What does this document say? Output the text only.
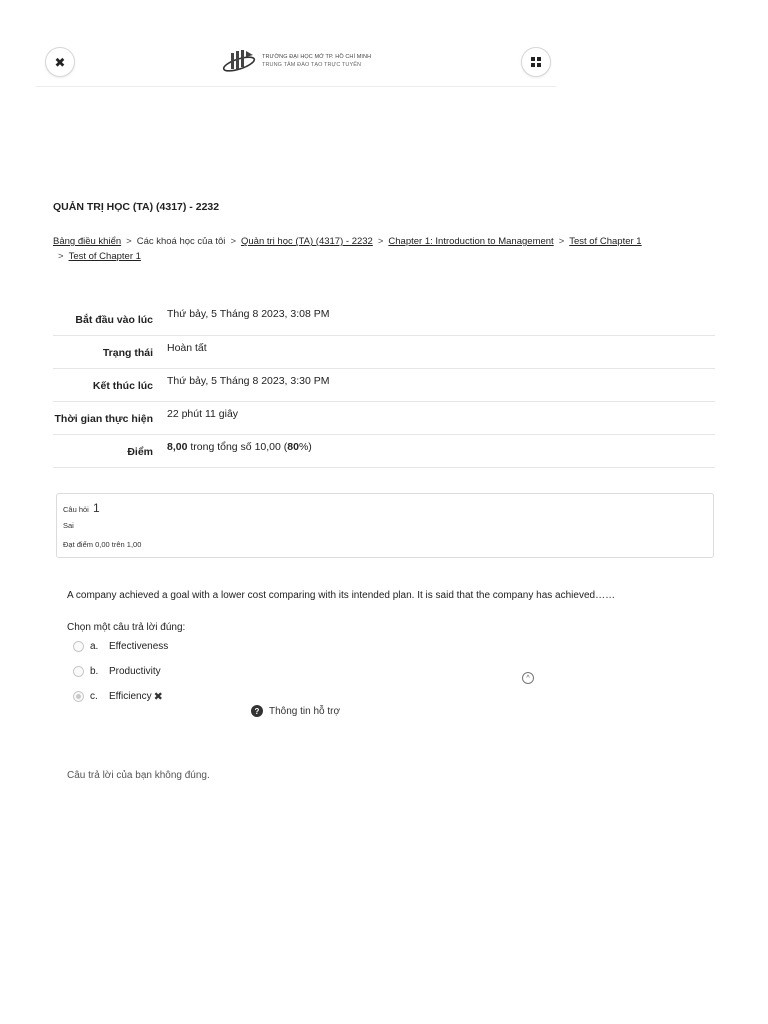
✖	TRƯỜNG ĐẠI HỌC MỞ TP. HỒ CHÍ MINH
TRUNG TÂM ĐÀO TẠO TRỰC TUYẾN
QUẢN TRỊ HỌC (TA) (4317) - 2232
Bảng điều khiển > Các khoá học của tôi > Quản trị học (TA) (4317) - 2232 > Chapter 1: Introduction to Management > Test of Chapter 1
> Test of Chapter 1
Bắt đầu vào lúc	Thứ bảy, 5 Tháng 8 2023, 3:08 PM
Trạng thái	Hoàn tất
Kết thúc lúc	Thứ bảy, 5 Tháng 8 2023, 3:30 PM
Thời gian thực hiện	22 phút 11 giây
Điểm	8,00 trong tổng số 10,00 (80%)
Câu hỏi 1
Sai
Đạt điểm 0,00 trên 1,00
A company achieved a goal with a lower cost comparing with its intended plan. It is said that the company has achieved……
Chọn một câu trả lời đúng:
a.	Effectiveness
b.	Productivity
c.	Efficiency ✖
^
? Thông tin hỗ trợ
Câu trả lời của bạn không đúng.
